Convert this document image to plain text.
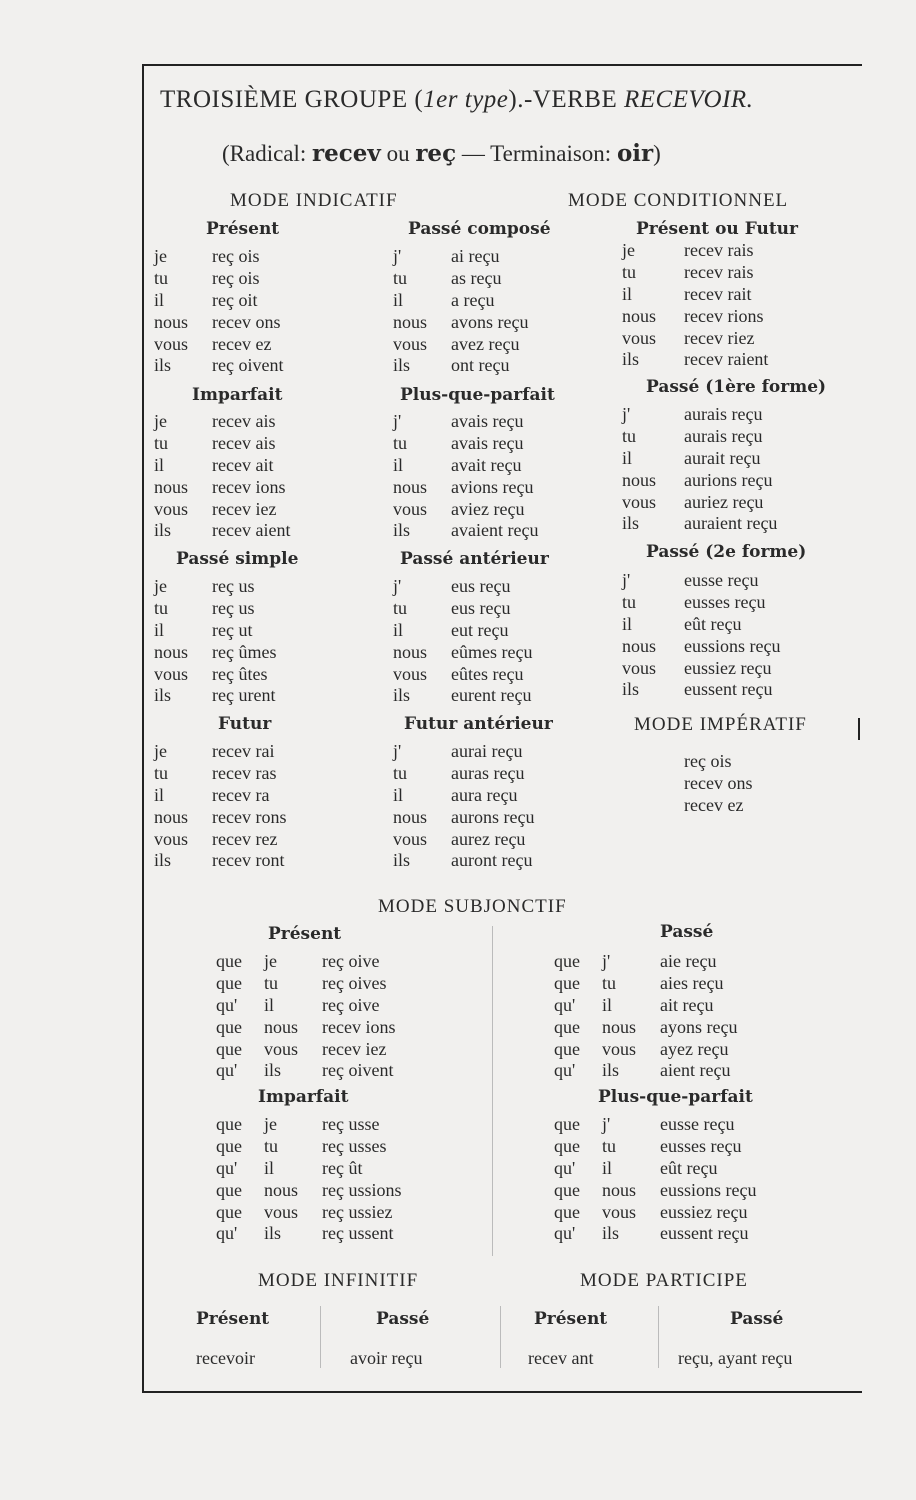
TROISIÈME GROUPE (1er type).-VERBE RECEVOIR.
(Radical: recev ou reç — Terminaison: oir)
MODE INDICATIF	MODE CONDITIONNEL
MODE IMPÉRATIF
MODE SUBJONCTIF
MODE INFINITIF	MODE PARTICIPE
Présent
je	reç ois
tu reç ois
il	reç oit
nous recev ons
vous recev ez
ils reç oivent
Imparfait
je	recev ais
tu recev ais
il	recev ait
nous recev ions
vous recev iez
ils recev aient
Passé simple
je	reç us
tu reç us
il	reç ut
nous reç ûmes
vous reç ûtes
ils reç urent
Futur
je	recev rai
tu recev ras
il	recev ra
nous recev rons
vous recev rez
ils recev ront
Passé composé
j'	ai reçu
tu as reçu
il	a reçu
nous avons reçu
vous avez reçu
ils ont reçu
Plus-que-parfait
j'	avais reçu
tu avais reçu
il	avait reçu
nous avions reçu
vous aviez reçu
ils avaient reçu
Passé antérieur
j'	eus reçu
tu eus reçu
il	eut reçu
nous eûmes reçu
vous eûtes reçu
ils eurent reçu
Futur antérieur
j'	aurai reçu
tu auras reçu
il	aura reçu
nous aurons reçu
vous aurez reçu
ils auront reçu
Présent ou Futur
je	recev rais
tu	recev rais
il	recev rait
nous recev rions
vous recev riez
ils recev raient
Passé (1ère forme)
j'	aurais reçu
tu	aurais reçu
il	aurait reçu
nous aurions reçu
vous auriez reçu
ils auraient reçu
Passé (2e forme)
j'	eusse reçu
tu	eusses reçu
il	eût reçu
nous eussions reçu
vous eussiez reçu
ils eussent reçu
reç ois
recev ons
recev ez
Présent
que je	reç oive
que tu reç oives
qu' il	reç oive
que nous recev ions
que vous recev iez
qu' ils reç oivent
Imparfait
que je	reç usse
que tu reç usses
qu' il	reç ût
que nous reç ussions
que vous reç ussiez
qu' ils reç ussent
Passé
que j'	aie reçu
que tu aies reçu
qu' il	ait reçu
que nous ayons reçu
que vous ayez reçu
qu' ils aient reçu
Plus-que-parfait
que j'	eusse reçu
que tu eusses reçu
qu' il	eût reçu
que nous eussions reçu
que vous eussiez reçu
qu' ils eussent reçu
Présent	Passé	Présent	Passé
recevoir	avoir reçu	recev ant	reçu, ayant reçu
